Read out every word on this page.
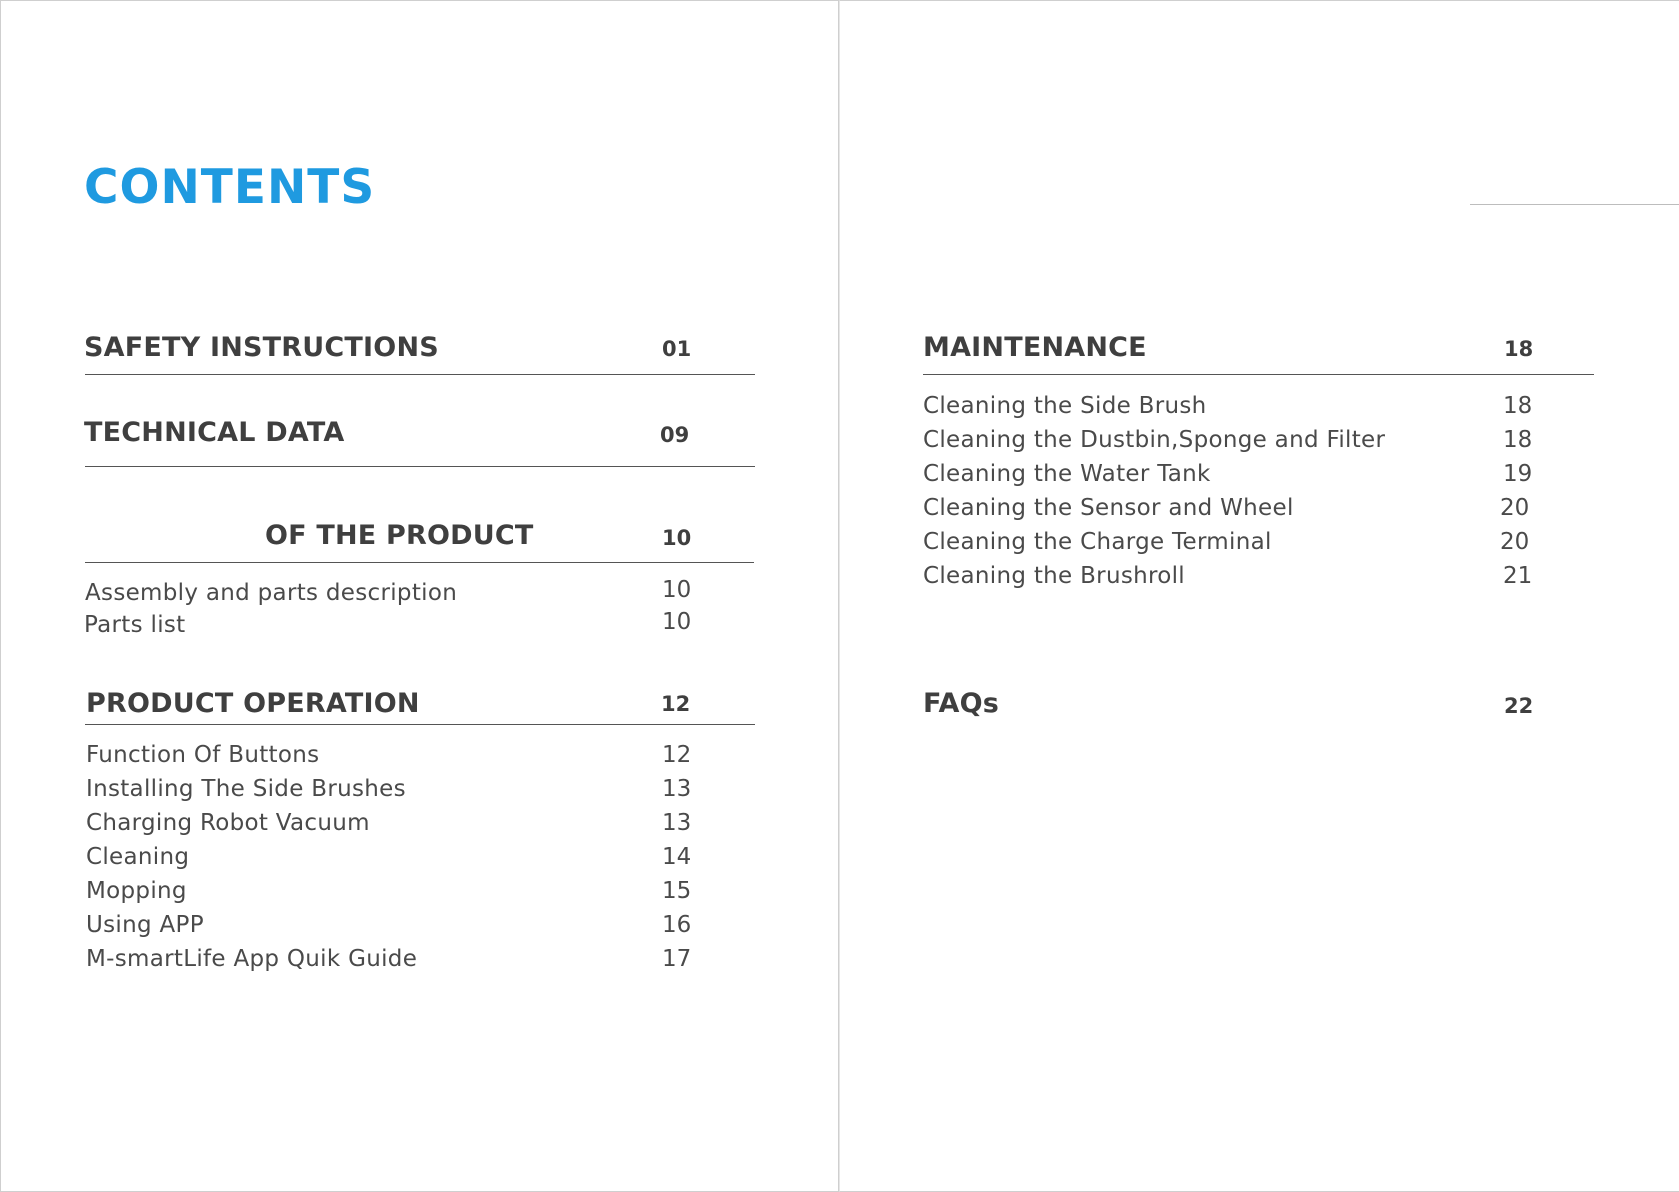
CONTENTS
SAFETY INSTRUCTIONS	01
TECHNICAL DATA	09
OF THE PRODUCT	10
Assembly and parts description	10
Parts list	10
PRODUCT OPERATION	12
Function Of Buttons	12
Installing The Side Brushes	13
Charging Robot Vacuum	13
Cleaning	14
Mopping	15
Using APP	16
M-smartLife App Quik Guide	17
MAINTENANCE	18
Cleaning the Side Brush	18
Cleaning the Dustbin,Sponge and Filter	18
Cleaning the Water Tank	19
Cleaning the Sensor and Wheel	20
Cleaning the Charge Terminal	20
Cleaning the Brushroll	21
FAQs	22
